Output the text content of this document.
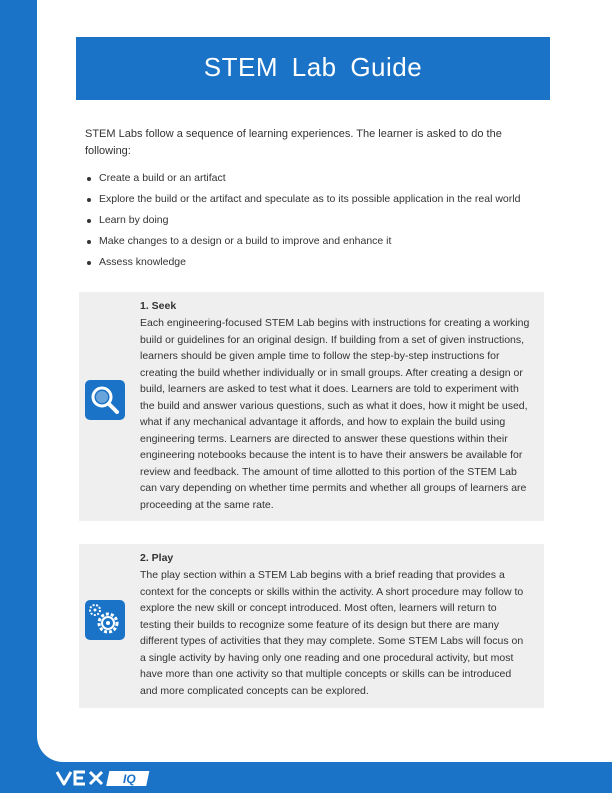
STEM Lab Guide
STEM Labs follow a sequence of learning experiences. The learner is asked to do the following:
Create a build or an artifact
Explore the build or the artifact and speculate as to its possible application in the real world
Learn by doing
Make changes to a design or a build to improve and enhance it
Assess knowledge
1. Seek
Each engineering-focused STEM Lab begins with instructions for creating a working build or guidelines for an original design. If building from a set of given instructions, learners should be given ample time to follow the step-by-step instructions for creating the build whether individually or in small groups. After creating a design or build, learners are asked to test what it does. Learners are told to experiment with the build and answer various questions, such as what it does, how it might be used, what if any mechanical advantage it affords, and how to explain the build using engineering terms. Learners are directed to answer these questions within their engineering notebooks because the intent is to have their answers be available for review and feedback. The amount of time allotted to this portion of the STEM Lab can vary depending on whether time permits and whether all groups of learners are proceeding at the same rate.
2. Play
The play section within a STEM Lab begins with a brief reading that provides a context for the concepts or skills within the activity. A short procedure may follow to explore the new skill or concept introduced. Most often, learners will return to testing their builds to recognize some feature of its design but there are many different types of activities that they may complete. Some STEM Labs will focus on a single activity by having only one reading and one procedural activity, but most have more than one activity so that multiple concepts or skills can be introduced and more complicated concepts can be explored.
IQ
